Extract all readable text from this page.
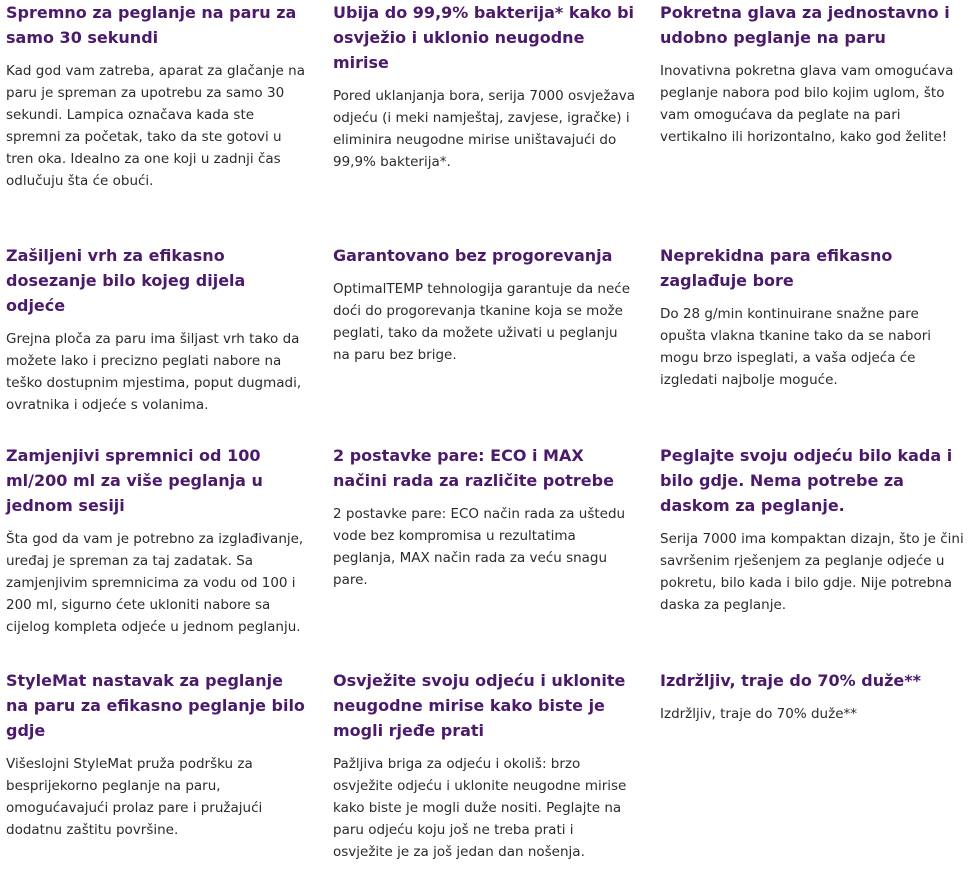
Spremno za peglanje na paru za samo 30 sekundi

Kad god vam zatreba, aparat za glačanje na paru je spreman za upotrebu za samo 30 sekundi. Lampica označava kada ste spremni za početak, tako da ste gotovi u tren oka. Idealno za one koji u zadnji čas odlučuju šta će obući.

Ubija do 99,9% bakterija* kako bi osvježio i uklonio neugodne mirise

Pored uklanjanja bora, serija 7000 osvježava odjeću (i meki namještaj, zavjese, igračke) i eliminira neugodne mirise uništavajući do 99,9% bakterija*.

Pokretna glava za jednostavno i udobno peglanje na paru

Inovativna pokretna glava vam omogućava peglanje nabora pod bilo kojim uglom, što vam omogućava da peglate na pari vertikalno ili horizontalno, kako god želite!

Zašiljeni vrh za efikasno dosezanje bilo kojeg dijela odjeće

Grejna ploča za paru ima šiljast vrh tako da možete lako i precizno peglati nabore na teško dostupnim mjestima, poput dugmadi, ovratnika i odjeće s volanima.

Garantovano bez progorevanja

OptimalTEMP tehnologija garantuje da neće doći do progorevanja tkanine koja se može peglati, tako da možete uživati u peglanju na paru bez brige.

Neprekidna para efikasno zaglađuje bore

Do 28 g/min kontinuirane snažne pare opušta vlakna tkanine tako da se nabori mogu brzo ispeglati, a vaša odjeća će izgledati najbolje moguće.

Zamjenjivi spremnici od 100 ml/200 ml za više peglanja u jednom sesiji

Šta god da vam je potrebno za izglađivanje, uređaj je spreman za taj zadatak. Sa zamjenjivim spremnicima za vodu od 100 i 200 ml, sigurno ćete ukloniti nabore sa cijelog kompleta odjeće u jednom peglanju.

2 postavke pare: ECO i MAX načini rada za različite potrebe

2 postavke pare: ECO način rada za uštedu vode bez kompromisa u rezultatima peglanja, MAX način rada za veću snagu pare.

Peglajte svoju odjeću bilo kada i bilo gdje. Nema potrebe za daskom za peglanje.

Serija 7000 ima kompaktan dizajn, što je čini savršenim rješenjem za peglanje odjeće u pokretu, bilo kada i bilo gdje. Nije potrebna daska za peglanje.

StyleMat nastavak za peglanje na paru za efikasno peglanje bilo gdje

Višeslojni StyleMat pruža podršku za besprijekorno peglanje na paru, omogućavajući prolaz pare i pružajući dodatnu zaštitu površine.

Osvježite svoju odjeću i uklonite neugodne mirise kako biste je mogli rjeđe prati

Pažljiva briga za odjeću i okoliš: brzo osvježite odjeću i uklonite neugodne mirise kako biste je mogli duže nositi. Peglajte na paru odjeću koju još ne treba prati i osvježite je za još jedan dan nošenja.

Izdržljiv, traje do 70% duže**

Izdržljiv, traje do 70% duže**
